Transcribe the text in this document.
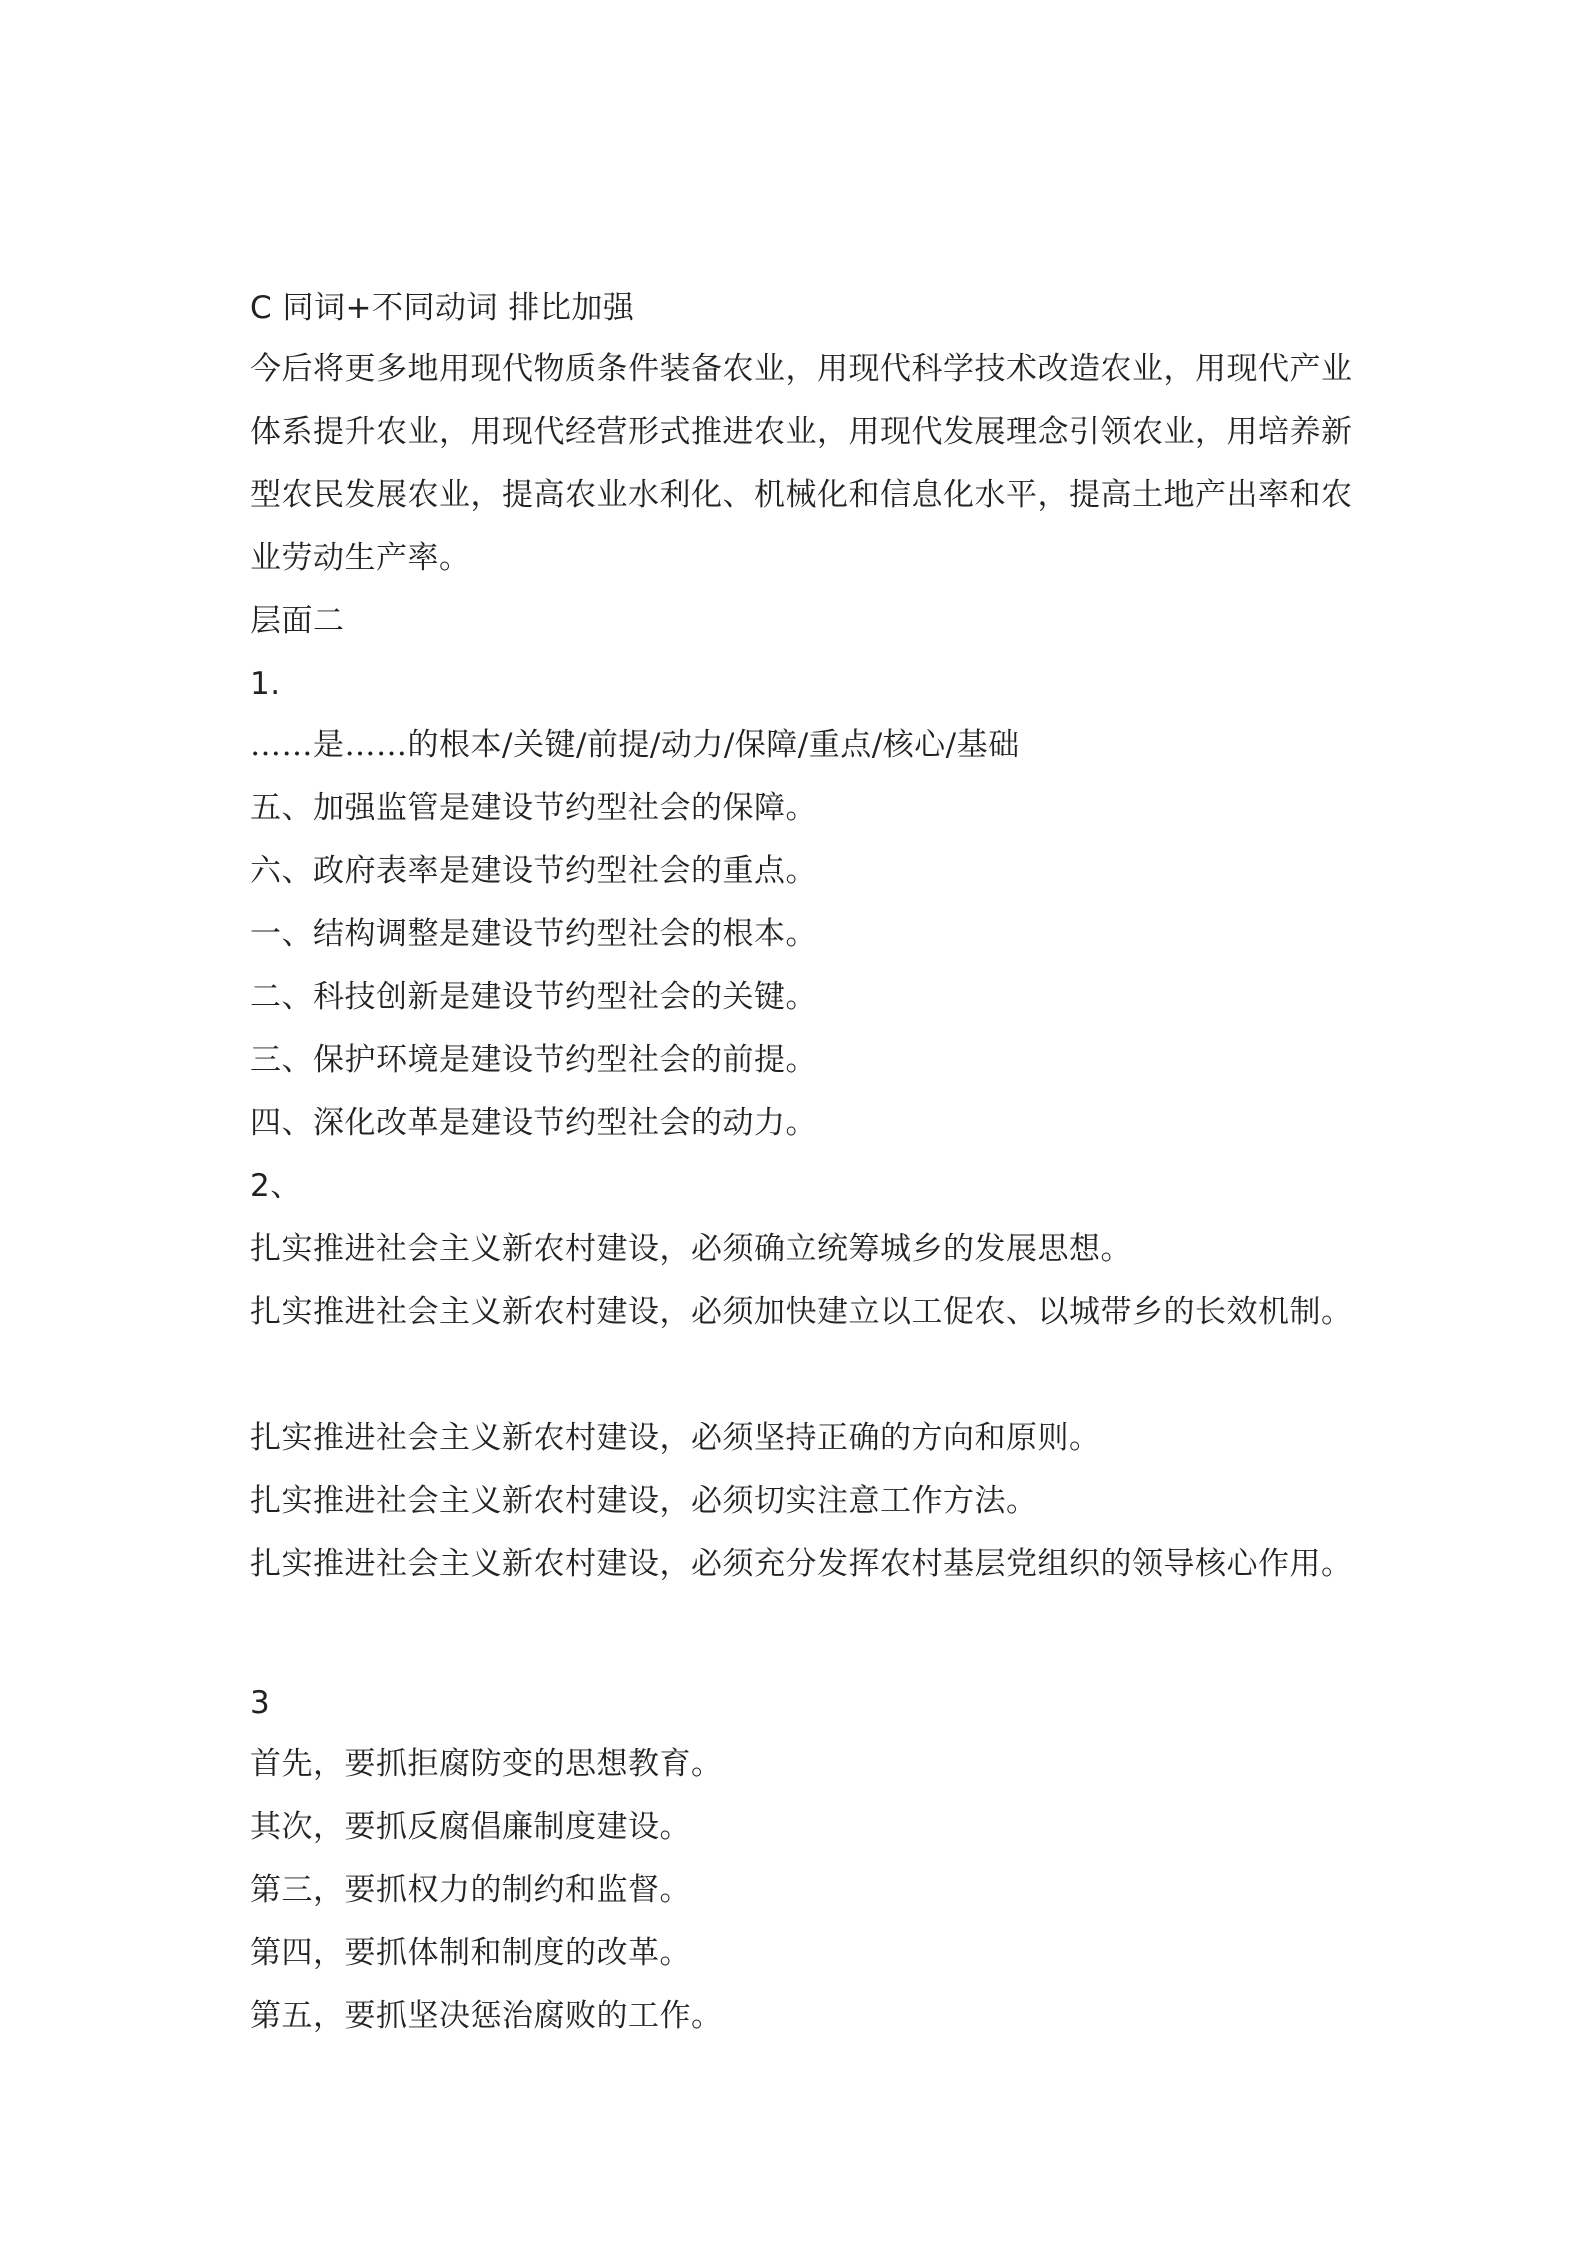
C 同词+不同动词 排比加强
今后将更多地用现代物质条件装备农业，用现代科学技术改造农业，用现代产业
体系提升农业，用现代经营形式推进农业，用现代发展理念引领农业，用培养新
型农民发展农业，提高农业水利化、机械化和信息化水平，提高土地产出率和农
业劳动生产率。
层面二
1.
……是……的根本/关键/前提/动力/保障/重点/核心/基础
五、加强监管是建设节约型社会的保障。
六、政府表率是建设节约型社会的重点。
一、结构调整是建设节约型社会的根本。
二、科技创新是建设节约型社会的关键。
三、保护环境是建设节约型社会的前提。
四、深化改革是建设节约型社会的动力。
2、
扎实推进社会主义新农村建设，必须确立统筹城乡的发展思想。
扎实推进社会主义新农村建设，必须加快建立以工促农、以城带乡的长效机制。
扎实推进社会主义新农村建设，必须坚持正确的方向和原则。
扎实推进社会主义新农村建设，必须切实注意工作方法。
扎实推进社会主义新农村建设，必须充分发挥农村基层党组织的领导核心作用。
3
首先，要抓拒腐防变的思想教育。
其次，要抓反腐倡廉制度建设。
第三，要抓权力的制约和监督。
第四，要抓体制和制度的改革。
第五，要抓坚决惩治腐败的工作。
